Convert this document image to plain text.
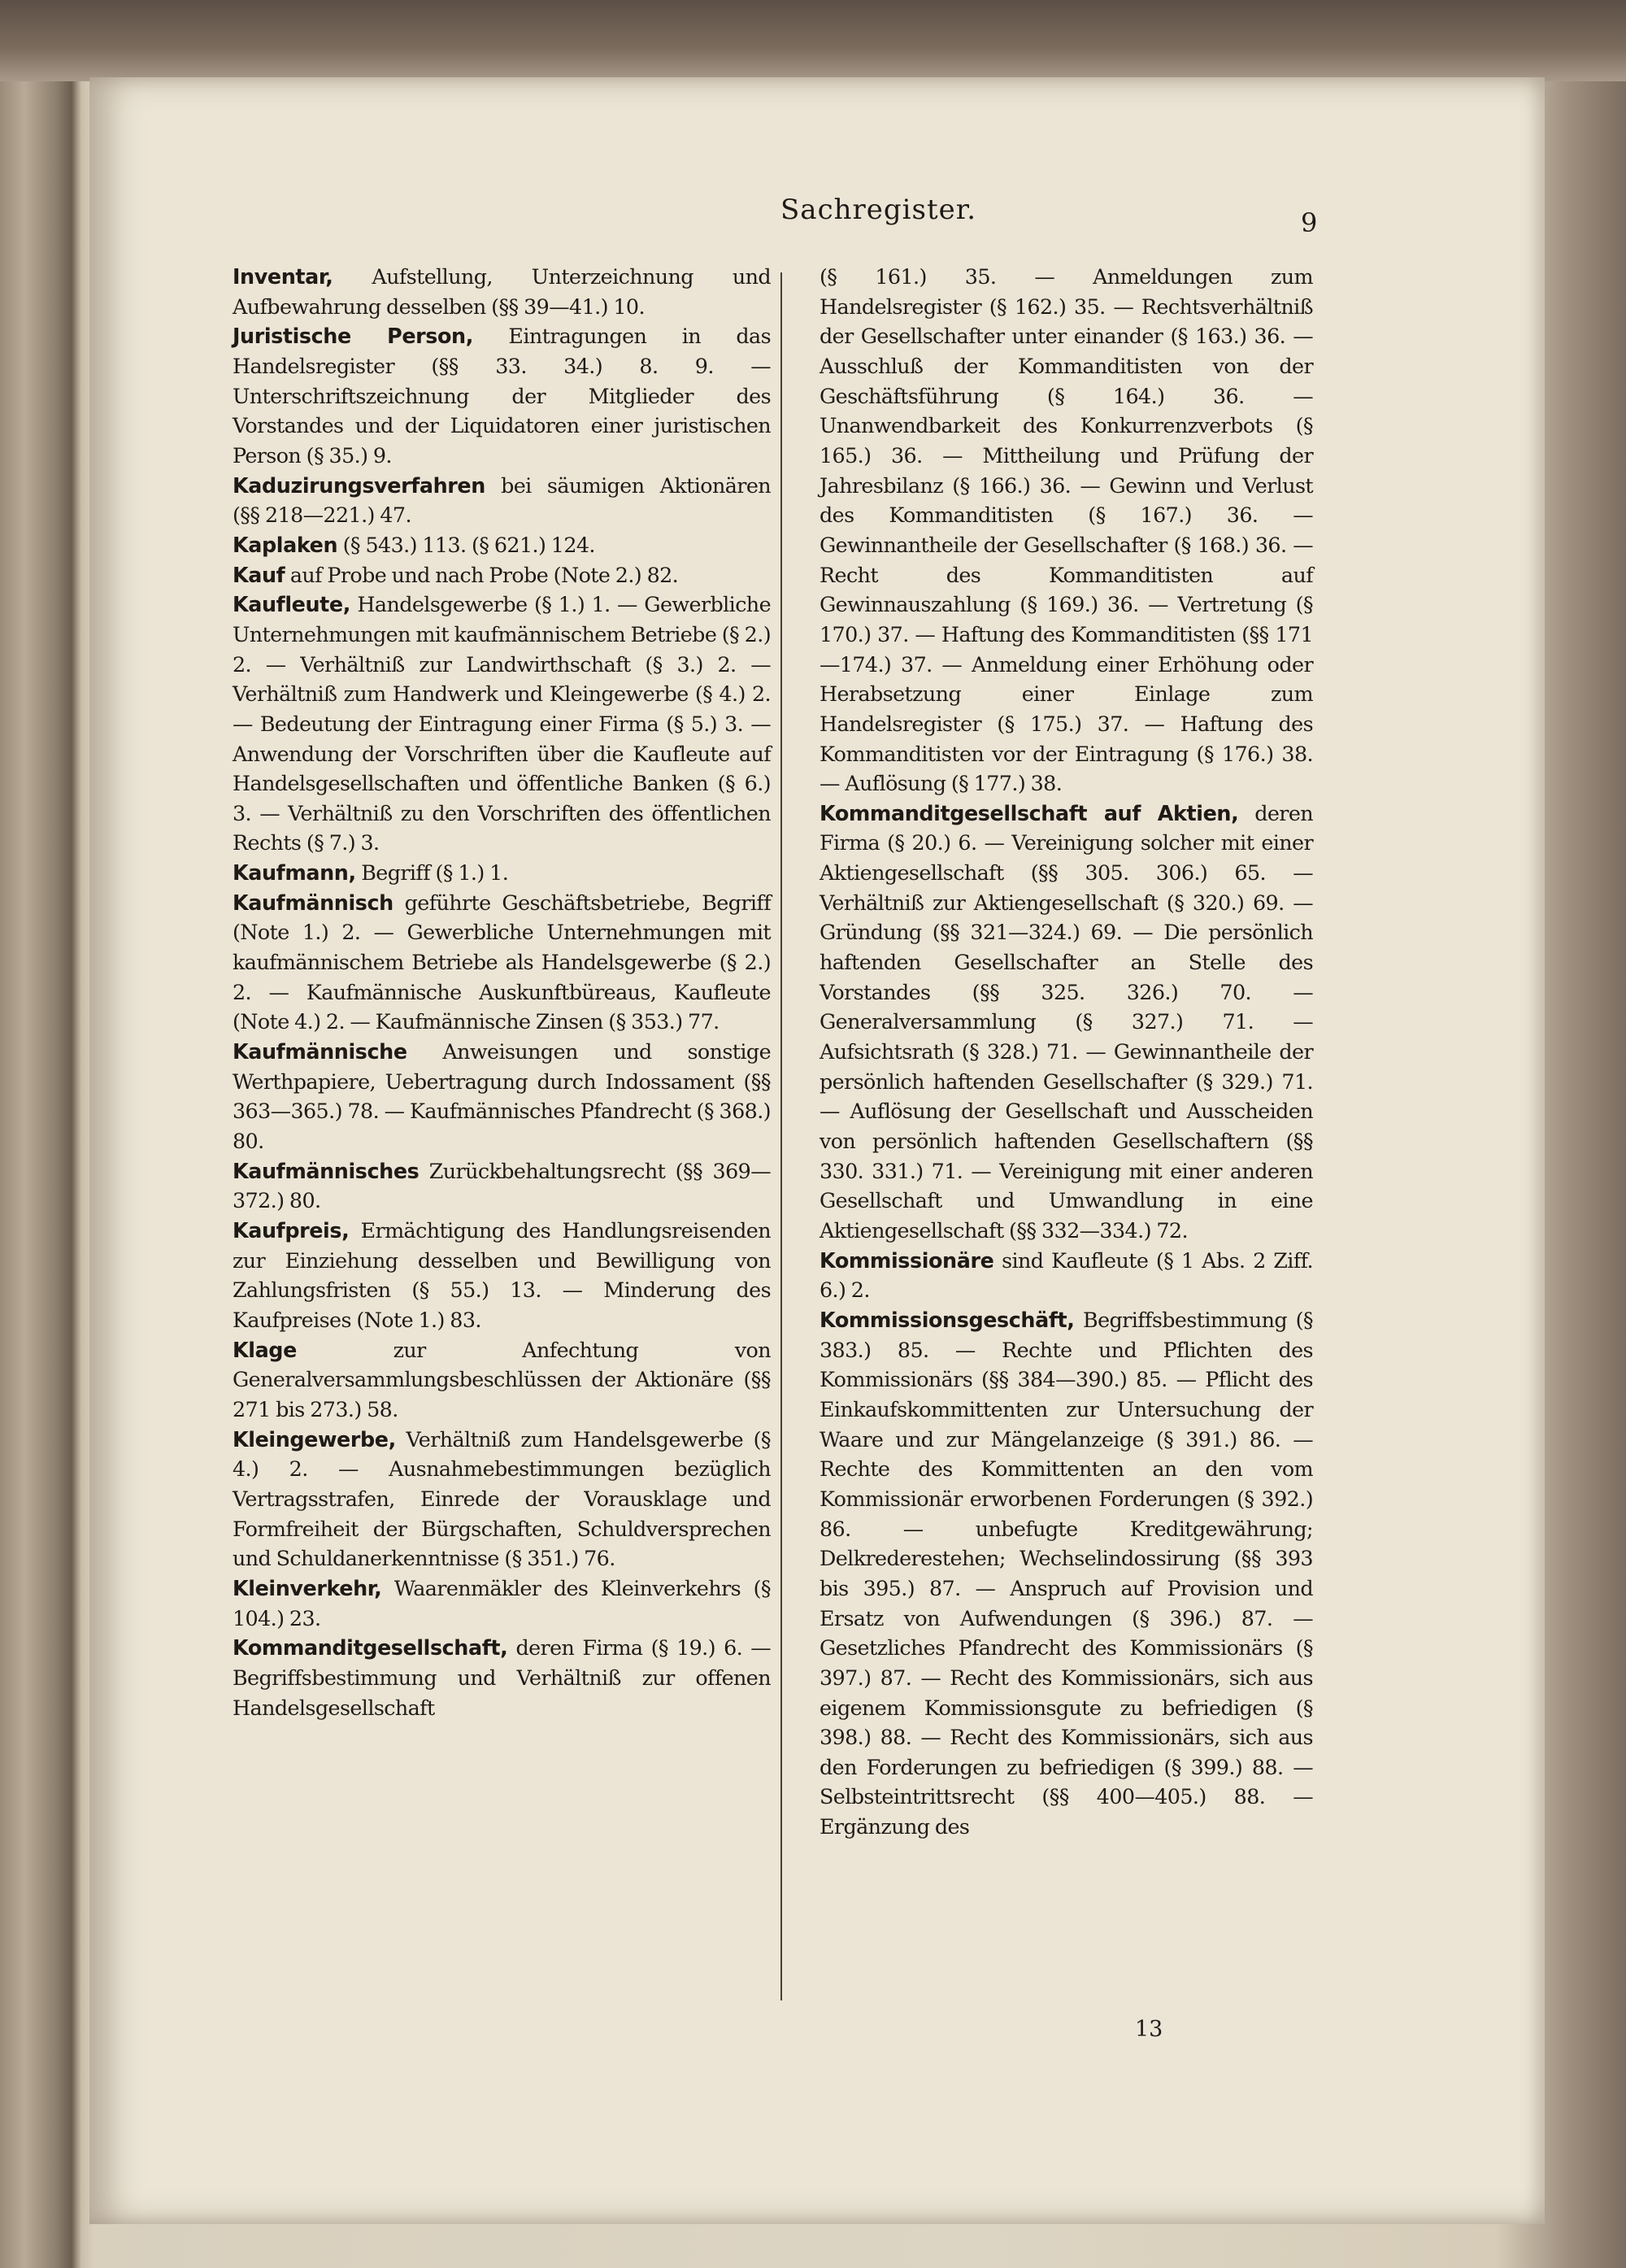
Sachregister.	9

Inventar, Aufstellung, Unterzeichnung und Aufbewahrung desselben (§§ 39—41.) 10.

Juristische Person, Eintragungen in das Handelsregister (§§ 33. 34.) 8. 9. — Unterschriftszeichnung der Mitglieder des Vorstandes und der Liquidatoren einer juristischen Person (§ 35.) 9.

Kaduzirungsverfahren bei säumigen Aktionären (§§ 218—221.) 47.

Kaplaken (§ 543.) 113. (§ 621.) 124.

Kauf auf Probe und nach Probe (Note 2.) 82.

Kaufleute, Handelsgewerbe (§ 1.) 1. — Gewerbliche Unternehmungen mit kaufmännischem Betriebe (§ 2.) 2. — Verhältniß zur Landwirthschaft (§ 3.) 2. — Verhältniß zum Handwerk und Kleingewerbe (§ 4.) 2. — Bedeutung der Eintragung einer Firma (§ 5.) 3. — Anwendung der Vorschriften über die Kaufleute auf Handelsgesellschaften und öffentliche Banken (§ 6.) 3. — Verhältniß zu den Vorschriften des öffentlichen Rechts (§ 7.) 3.

Kaufmann, Begriff (§ 1.) 1.

Kaufmännisch geführte Geschäftsbetriebe, Begriff (Note 1.) 2. — Gewerbliche Unternehmungen mit kaufmännischem Betriebe als Handelsgewerbe (§ 2.) 2. — Kaufmännische Auskunftbüreaus, Kaufleute (Note 4.) 2. — Kaufmännische Zinsen (§ 353.) 77.

Kaufmännische Anweisungen und sonstige Werthpapiere, Uebertragung durch Indossament (§§ 363—365.) 78. — Kaufmännisches Pfandrecht (§ 368.) 80.

Kaufmännisches Zurückbehaltungsrecht (§§ 369—372.) 80.

Kaufpreis, Ermächtigung des Handlungsreisenden zur Einziehung desselben und Bewilligung von Zahlungsfristen (§ 55.) 13. — Minderung des Kaufpreises (Note 1.) 83.

Klage zur Anfechtung von Generalversammlungsbeschlüssen der Aktionäre (§§ 271 bis 273.) 58.

Kleingewerbe, Verhältniß zum Handelsgewerbe (§ 4.) 2. — Ausnahmebestimmungen bezüglich Vertragsstrafen, Einrede der Vorausklage und Formfreiheit der Bürgschaften, Schuldversprechen und Schuldanerkenntnisse (§ 351.) 76.

Kleinverkehr, Waarenmäkler des Kleinverkehrs (§ 104.) 23.

Kommanditgesellschaft, deren Firma (§ 19.) 6. — Begriffsbestimmung und Verhältniß zur offenen Handelsgesellschaft

(§ 161.) 35. — Anmeldungen zum Handelsregister (§ 162.) 35. — Rechtsverhältniß der Gesellschafter unter einander (§ 163.) 36. — Ausschluß der Kommanditisten von der Geschäftsführung (§ 164.) 36. — Unanwendbarkeit des Konkurrenzverbots (§ 165.) 36. — Mittheilung und Prüfung der Jahresbilanz (§ 166.) 36. — Gewinn und Verlust des Kommanditisten (§ 167.) 36. — Gewinnantheile der Gesellschafter (§ 168.) 36. — Recht des Kommanditisten auf Gewinnauszahlung (§ 169.) 36. — Vertretung (§ 170.) 37. — Haftung des Kommanditisten (§§ 171—174.) 37. — Anmeldung einer Erhöhung oder Herabsetzung einer Einlage zum Handelsregister (§ 175.) 37. — Haftung des Kommanditisten vor der Eintragung (§ 176.) 38. — Auflösung (§ 177.) 38.

Kommanditgesellschaft auf Aktien, deren Firma (§ 20.) 6. — Vereinigung solcher mit einer Aktiengesellschaft (§§ 305. 306.) 65. — Verhältniß zur Aktiengesellschaft (§ 320.) 69. — Gründung (§§ 321—324.) 69. — Die persönlich haftenden Gesellschafter an Stelle des Vorstandes (§§ 325. 326.) 70. — Generalversammlung (§ 327.) 71. — Aufsichtsrath (§ 328.) 71. — Gewinnantheile der persönlich haftenden Gesellschafter (§ 329.) 71. — Auflösung der Gesellschaft und Ausscheiden von persönlich haftenden Gesellschaftern (§§ 330. 331.) 71. — Vereinigung mit einer anderen Gesellschaft und Umwandlung in eine Aktiengesellschaft (§§ 332—334.) 72.

Kommissionäre sind Kaufleute (§ 1 Abs. 2 Ziff. 6.) 2.

Kommissionsgeschäft, Begriffsbestimmung (§ 383.) 85. — Rechte und Pflichten des Kommissionärs (§§ 384—390.) 85. — Pflicht des Einkaufskommittenten zur Untersuchung der Waare und zur Mängelanzeige (§ 391.) 86. — Rechte des Kommittenten an den vom Kommissionär erworbenen Forderungen (§ 392.) 86. — unbefugte Kreditgewährung; Delkrederestehen; Wechselindossirung (§§ 393 bis 395.) 87. — Anspruch auf Provision und Ersatz von Aufwendungen (§ 396.) 87. — Gesetzliches Pfandrecht des Kommissionärs (§ 397.) 87. — Recht des Kommissionärs, sich aus eigenem Kommissionsgute zu befriedigen (§ 398.) 88. — Recht des Kommissionärs, sich aus den Forderungen zu befriedigen (§ 399.) 88. — Selbsteintrittsrecht (§§ 400—405.) 88. — Ergänzung des

13
